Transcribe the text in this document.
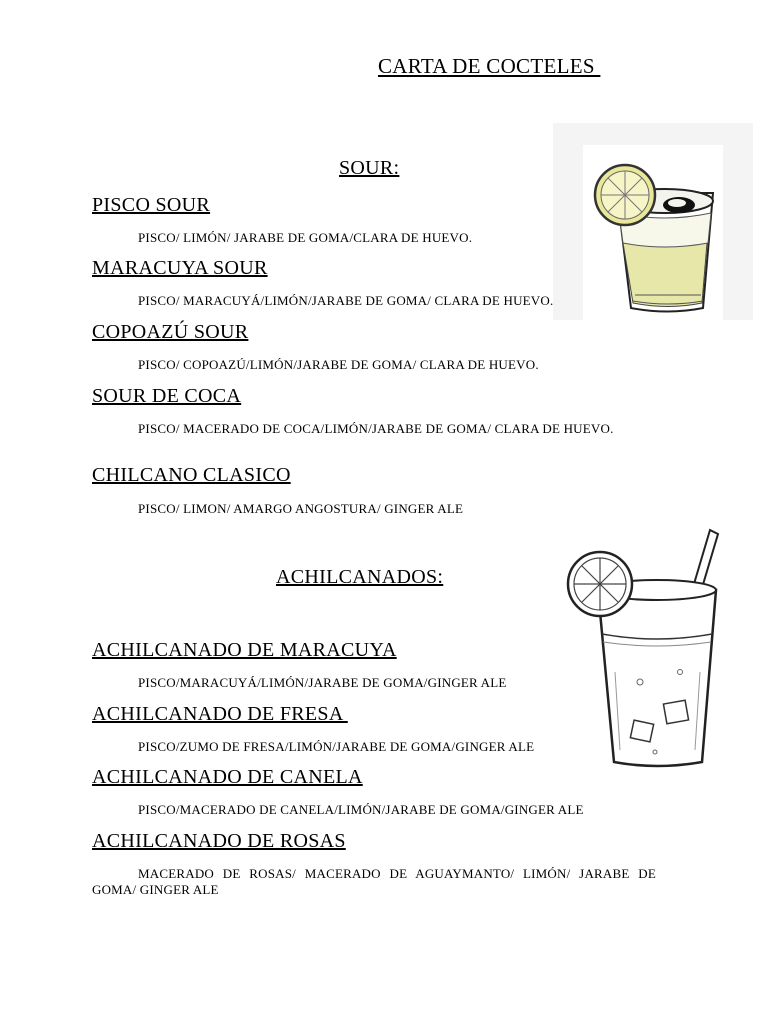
CARTA DE COCTELES
SOUR:
PISCO SOUR
PISCO/ LIMÓN/ JARABE DE GOMA/CLARA DE HUEVO.
MARACUYA SOUR
PISCO/ MARACUYÁ/LIMÓN/JARABE DE GOMA/ CLARA DE HUEVO.
COPOAZÚ SOUR
PISCO/ COPOAZÚ/LIMÓN/JARABE DE GOMA/ CLARA DE HUEVO.
SOUR DE COCA
PISCO/ MACERADO DE COCA/LIMÓN/JARABE DE GOMA/ CLARA DE HUEVO.
CHILCANO CLASICO
PISCO/ LIMON/ AMARGO ANGOSTURA/ GINGER ALE
ACHILCANADOS:
ACHILCANADO DE MARACUYA
PISCO/MARACUYÁ/LIMÓN/JARABE DE GOMA/GINGER ALE
ACHILCANADO DE FRESA
PISCO/ZUMO DE FRESA/LIMÓN/JARABE DE GOMA/GINGER ALE
ACHILCANADO DE CANELA
PISCO/MACERADO DE CANELA/LIMÓN/JARABE DE GOMA/GINGER ALE
ACHILCANADO DE ROSAS
MACERADO DE ROSAS/ MACERADO DE AGUAYMANTO/ LIMÓN/ JARABE DE GOMA/ GINGER ALE
